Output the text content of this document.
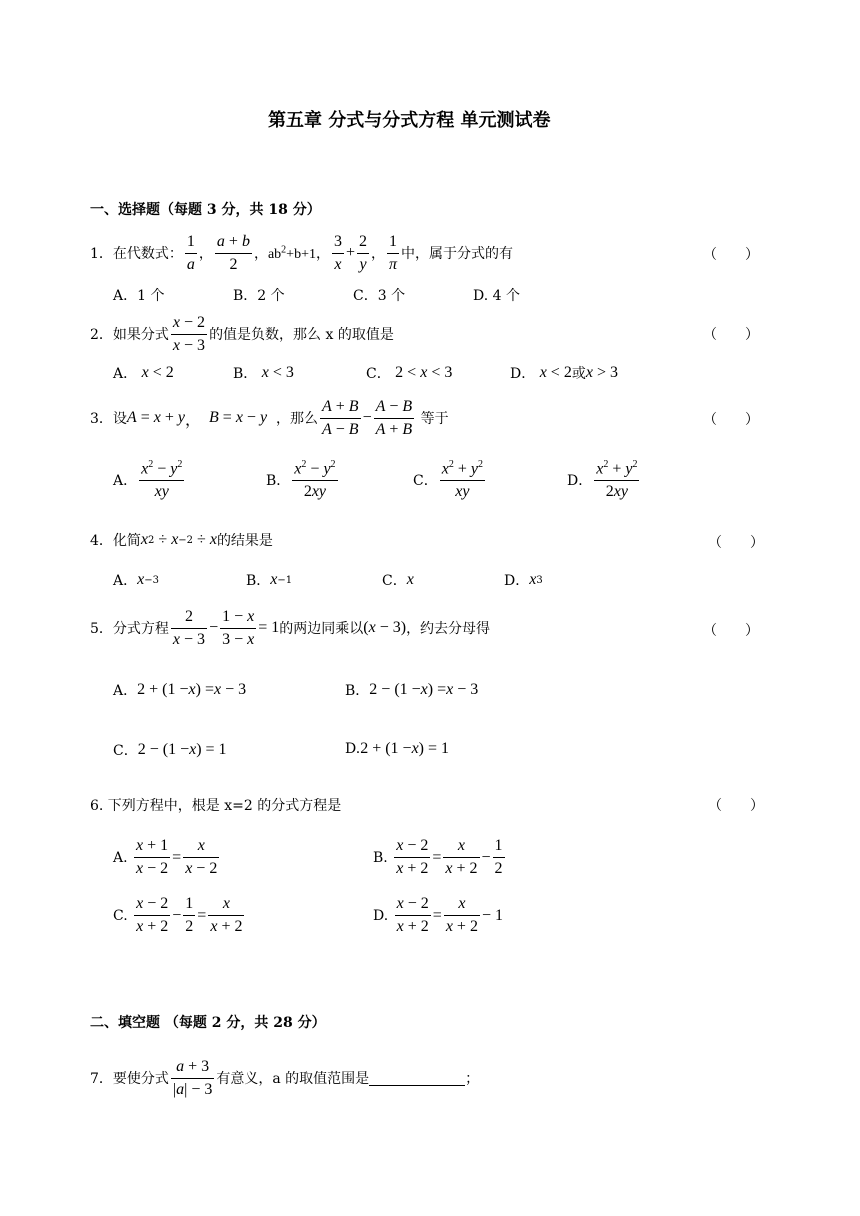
第五章 分式与分式方程 单元测试卷
一、选择题（每题 3 分，共 18 分）
1．在代数式：
1
a
，
a + b
2
， $ab^2+b+1$，
3
x
+ $\frac{2}{y}$ ，
1
π
中，属于分式的有	（　　）
A．1 个	B．2 个	C．3 个	D. 4 个
2．如果分式
x − 2
x − 3
的值是负数，那么 x 的取值是	（　　）
A．
x < 2	B．
x < 3	C．
2 < x < 3	D．
x < 2 或 x > 3
3．设 A = x + y ， B = x − y
，那么
A + B
A − B
− $\frac{A - B}{A + B}$
等于	（　　）
A．
$x^2 - y^2$
xy
B．
$x^2 - y^2$
2xy
C．
$x^2 + y^2$
xy
D．
$x^2 + y^2$
2xy
4．化简 x 2 ÷ x −2 ÷ x 的结果是	（　　）
A． x −3	B． x −1	C． x	D． x 3
5．分式方程
2
x − 3
− $\frac{1 - x}{3 - x} = 1$ 的两边同乘以 ( x − 3) ，约去分母得	（　　）
A． 2 + (1 − x ) = x − 3	B． 2 − (1 − x ) = x − 3
C． 2 − (1 − x ) = 1	D. 2 + (1 − x ) = 1
6. 下列方程中，根是 x=2 的分式方程是	（　　）
A.
$\frac{x + 1}{x - 2} = \frac{x}{x - 2}$	B.
$\frac{x - 2}{x + 2} = \frac{x}{x + 2} - \frac{1}{2}$
C.

x − 2
x + 2
− $\frac{1}{2} = \frac{x}{x + 2}$	D.
$\frac{x - 2}{x + 2} = \frac{x}{x + 2} - 1$
二、填空题 （每题 2 分，共 28 分）
7．要使分式
a + 3
|a| − 3
有意义，a 的取值范围是	；
